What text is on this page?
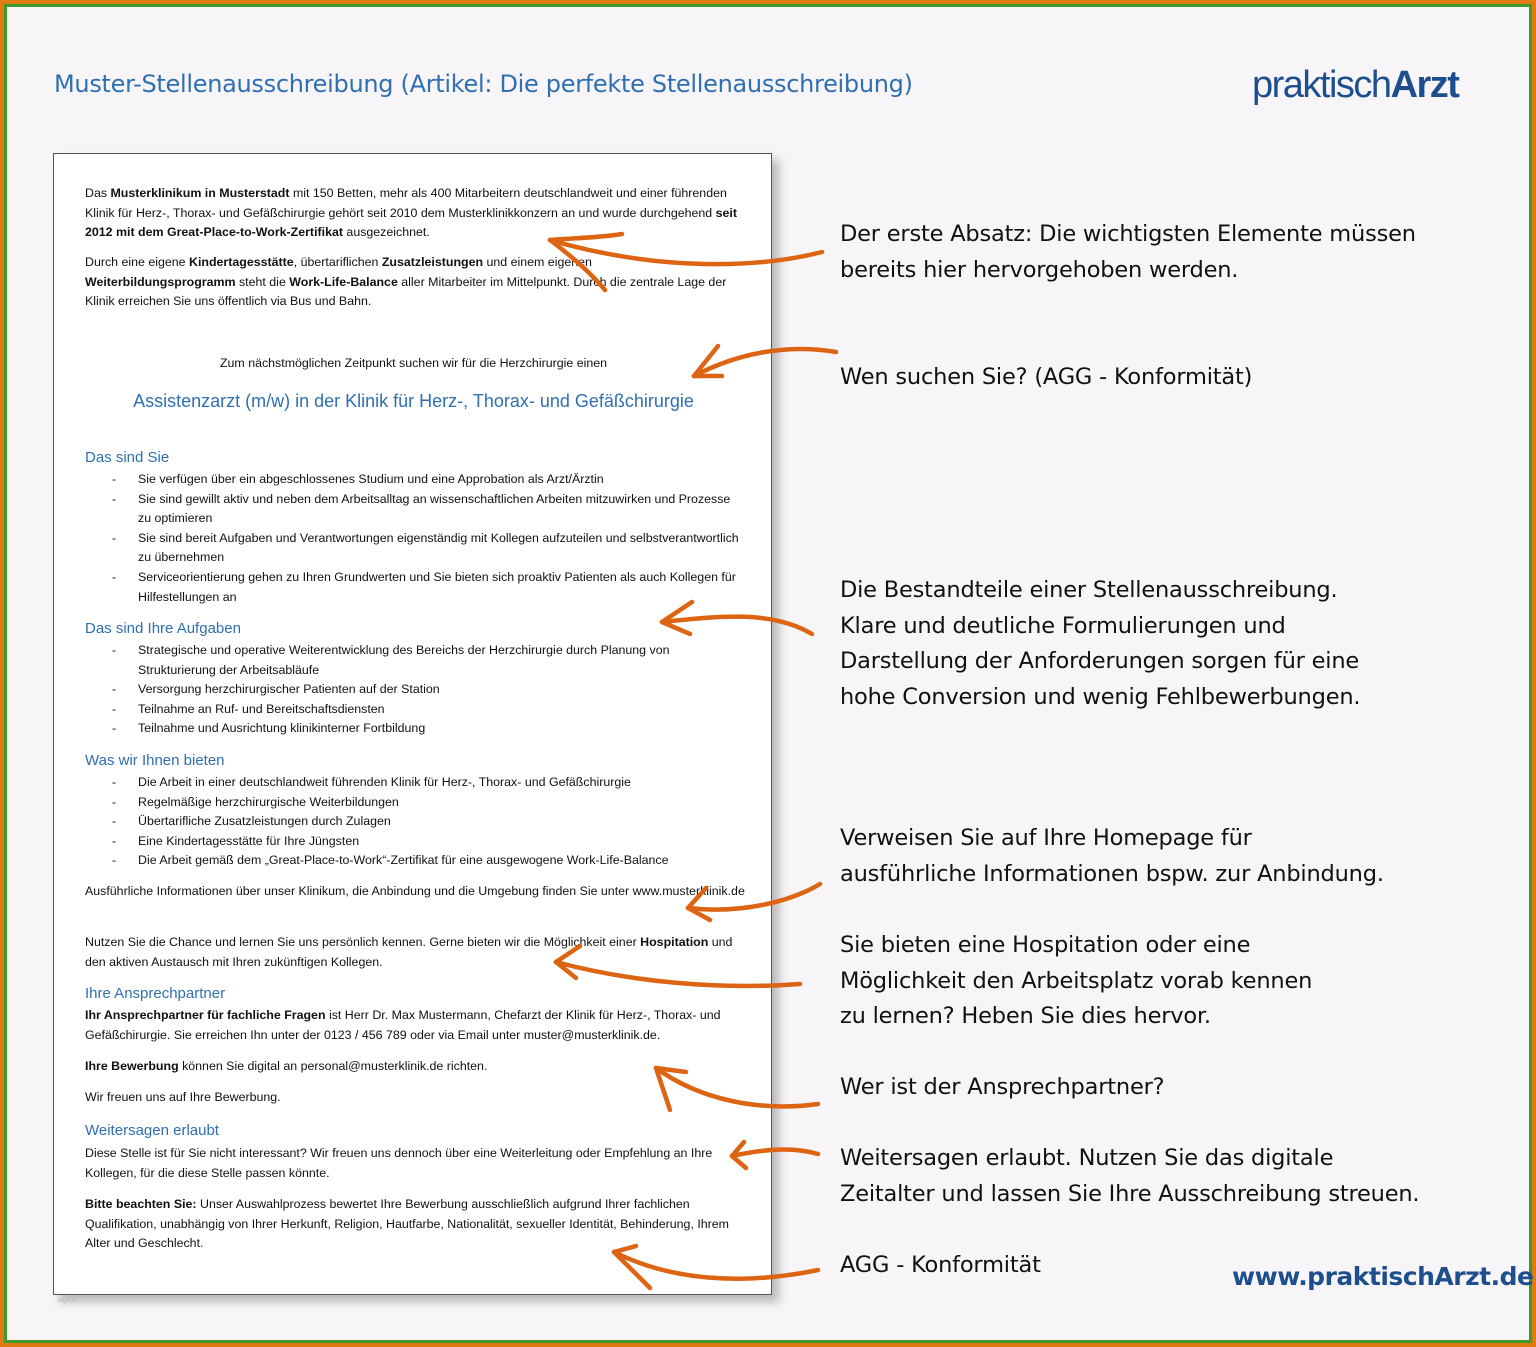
Muster-Stellenausschreibung (Artikel: Die perfekte Stellenausschreibung)	praktischArzt
Das Musterklinikum in Musterstadt mit 150 Betten, mehr als 400 Mitarbeitern deutschlandweit und einer führenden Klinik für Herz-, Thorax- und Gefäßchirurgie gehört seit 2010 dem Musterklinikkonzern an und wurde durchgehend seit 2012 mit dem Great-Place-to-Work-Zertifikat ausgezeichnet.
Durch eine eigene Kindertagesstätte, übertariflichen Zusatzleistungen und einem eigenen Weiterbildungsprogramm steht die Work-Life-Balance aller Mitarbeiter im Mittelpunkt. Durch die zentrale Lage der Klinik erreichen Sie uns öffentlich via Bus und Bahn.
Zum nächstmöglichen Zeitpunkt suchen wir für die Herzchirurgie einen
Assistenzarzt (m/w) in der Klinik für Herz-, Thorax- und Gefäßchirurgie
Das sind Sie
- Sie verfügen über ein abgeschlossenes Studium und eine Approbation als Arzt/Ärztin
- Sie sind gewillt aktiv und neben dem Arbeitsalltag an wissenschaftlichen Arbeiten mitzuwirken und Prozesse zu optimieren
- Sie sind bereit Aufgaben und Verantwortungen eigenständig mit Kollegen aufzuteilen und selbstverantwortlich zu übernehmen
- Serviceorientierung gehen zu Ihren Grundwerten und Sie bieten sich proaktiv Patienten als auch Kollegen für Hilfestellungen an
Das sind Ihre Aufgaben
- Strategische und operative Weiterentwicklung des Bereichs der Herzchirurgie durch Planung von Strukturierung der Arbeitsabläufe
- Versorgung herzchirurgischer Patienten auf der Station
- Teilnahme an Ruf- und Bereitschaftsdiensten
- Teilnahme und Ausrichtung klinikinterner Fortbildung
Was wir Ihnen bieten
- Die Arbeit in einer deutschlandweit führenden Klinik für Herz-, Thorax- und Gefäßchirurgie
- Regelmäßige herzchirurgische Weiterbildungen
- Übertarifliche Zusatzleistungen durch Zulagen
- Eine Kindertagesstätte für Ihre Jüngsten
- Die Arbeit gemäß dem „Great-Place-to-Work“-Zertifikat für eine ausgewogene Work-Life-Balance
Ausführliche Informationen über unser Klinikum, die Anbindung und die Umgebung finden Sie unter www.musterklinik.de
Nutzen Sie die Chance und lernen Sie uns persönlich kennen. Gerne bieten wir die Möglichkeit einer Hospitation und den aktiven Austausch mit Ihren zukünftigen Kollegen.
Ihre Ansprechpartner
Ihr Ansprechpartner für fachliche Fragen ist Herr Dr. Max Mustermann, Chefarzt der Klinik für Herz-, Thorax- und Gefäßchirurgie. Sie erreichen Ihn unter der 0123 / 456 789 oder via Email unter muster@musterklinik.de.
Ihre Bewerbung können Sie digital an personal@musterklinik.de richten.
Wir freuen uns auf Ihre Bewerbung.
Weitersagen erlaubt
Diese Stelle ist für Sie nicht interessant? Wir freuen uns dennoch über eine Weiterleitung oder Empfehlung an Ihre Kollegen, für die diese Stelle passen könnte.
Bitte beachten Sie: Unser Auswahlprozess bewertet Ihre Bewerbung ausschließlich aufgrund Ihrer fachlichen Qualifikation, unabhängig von Ihrer Herkunft, Religion, Hautfarbe, Nationalität, sexueller Identität, Behinderung, Ihrem Alter und Geschlecht.
agen
Der erste Absatz: Die wichtigsten Elemente müssen
bereits hier hervorgehoben werden.
Wen suchen Sie? (AGG - Konformität)
Die Bestandteile einer Stellenausschreibung.
Klare und deutliche Formulierungen und
Darstellung der Anforderungen sorgen für eine
hohe Conversion und wenig Fehlbewerbungen.
Verweisen Sie auf Ihre Homepage für
ausführliche Informationen bspw. zur Anbindung.
Sie bieten eine Hospitation oder eine
Möglichkeit den Arbeitsplatz vorab kennen
zu lernen? Heben Sie dies hervor.
Wer ist der Ansprechpartner?
Weitersagen erlaubt. Nutzen Sie das digitale
Zeitalter und lassen Sie Ihre Ausschreibung streuen.
AGG - Konformität	www.praktischArzt.de
